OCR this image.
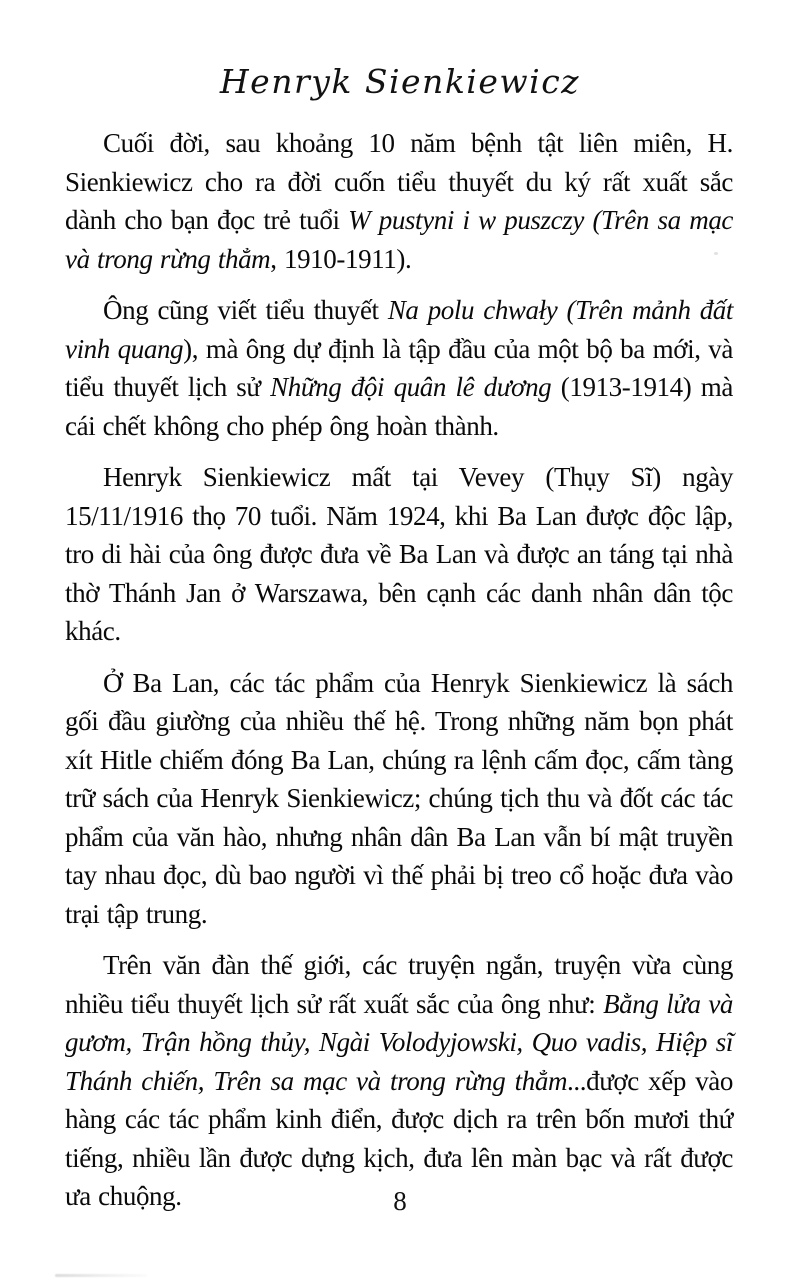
Henryk Sienkiewicz

Cuối đời, sau khoảng 10 năm bệnh tật liên miên, H. Sienkiewicz cho ra đời cuốn tiểu thuyết du ký rất xuất sắc dành cho bạn đọc trẻ tuổi W pustyni i w puszczy (Trên sa mạc và trong rừng thẳm, 1910-1911).

Ông cũng viết tiểu thuyết Na polu chwały (Trên mảnh đất vinh quang), mà ông dự định là tập đầu của một bộ ba mới, và tiểu thuyết lịch sử Những đội quân lê dương (1913-1914) mà cái chết không cho phép ông hoàn thành.

Henryk Sienkiewicz mất tại Vevey (Thụy Sĩ) ngày 15/11/1916 thọ 70 tuổi. Năm 1924, khi Ba Lan được độc lập, tro di hài của ông được đưa về Ba Lan và được an táng tại nhà thờ Thánh Jan ở Warszawa, bên cạnh các danh nhân dân tộc khác.

Ở Ba Lan, các tác phẩm của Henryk Sienkiewicz là sách gối đầu giường của nhiều thế hệ. Trong những năm bọn phát xít Hitle chiếm đóng Ba Lan, chúng ra lệnh cấm đọc, cấm tàng trữ sách của Henryk Sienkiewicz; chúng tịch thu và đốt các tác phẩm của văn hào, nhưng nhân dân Ba Lan vẫn bí mật truyền tay nhau đọc, dù bao người vì thế phải bị treo cổ hoặc đưa vào trại tập trung.

Trên văn đàn thế giới, các truyện ngắn, truyện vừa cùng nhiều tiểu thuyết lịch sử rất xuất sắc của ông như: Bằng lửa và gươm, Trận hồng thủy, Ngài Volodyjowski, Quo vadis, Hiệp sĩ Thánh chiến, Trên sa mạc và trong rừng thẳm...được xếp vào hàng các tác phẩm kinh điển, được dịch ra trên bốn mươi thứ tiếng, nhiều lần được dựng kịch, đưa lên màn bạc và rất được ưa chuộng.	8
